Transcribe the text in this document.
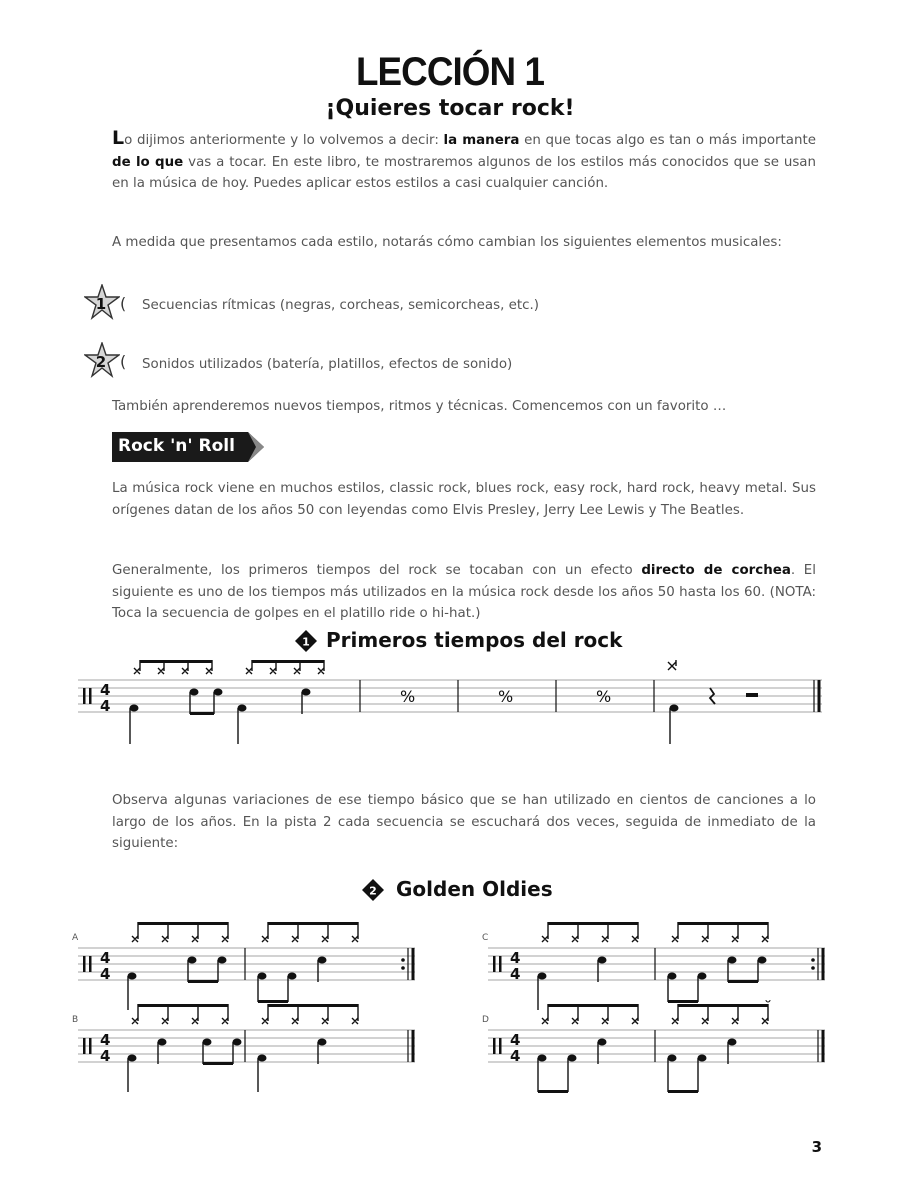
LECCIÓN 1
¡Quieres tocar rock!
Lo dijimos anteriormente y lo volvemos a decir: la manera en que tocas algo es tan o más importante de lo que vas a tocar. En este libro, te mostraremos algunos de los estilos más conocidos que se usan en la música de hoy. Puedes aplicar estos estilos a casi cualquier canción.
A medida que presentamos cada estilo, notarás cómo cambian los siguientes elementos musicales:
1 ( Secuencias rítmicas (negras, corcheas, semicorcheas, etc.)
2 ( Sonidos utilizados (batería, platillos, efectos de sonido)
También aprenderemos nuevos tiempos, ritmos y técnicas. Comencemos con un favorito …
Rock 'n' Roll
La música rock viene en muchos estilos, classic rock, blues rock, easy rock, hard rock, heavy metal. Sus orígenes datan de los años 50 con leyendas como Elvis Presley, Jerry Lee Lewis y The Beatles.
Generalmente, los primeros tiempos del rock se tocaban con un efecto directo de corchea. El siguiente es uno de los tiempos más utilizados en la música rock desde los años 50 hasta los 60. (NOTA: Toca la secuencia de golpes en el platillo ride o hi-hat.)
1 Primeros tiempos del rock
4
4	%	%	%
Observa algunas variaciones de ese tiempo básico que se han utilizado en cientos de canciones a lo largo de los años. En la pista 2 cada secuencia se escuchará dos veces, seguida de inmediato de la siguiente:
2 Golden Oldies
A
4
4
B
4
4
C
4
4
D
4
4
3
